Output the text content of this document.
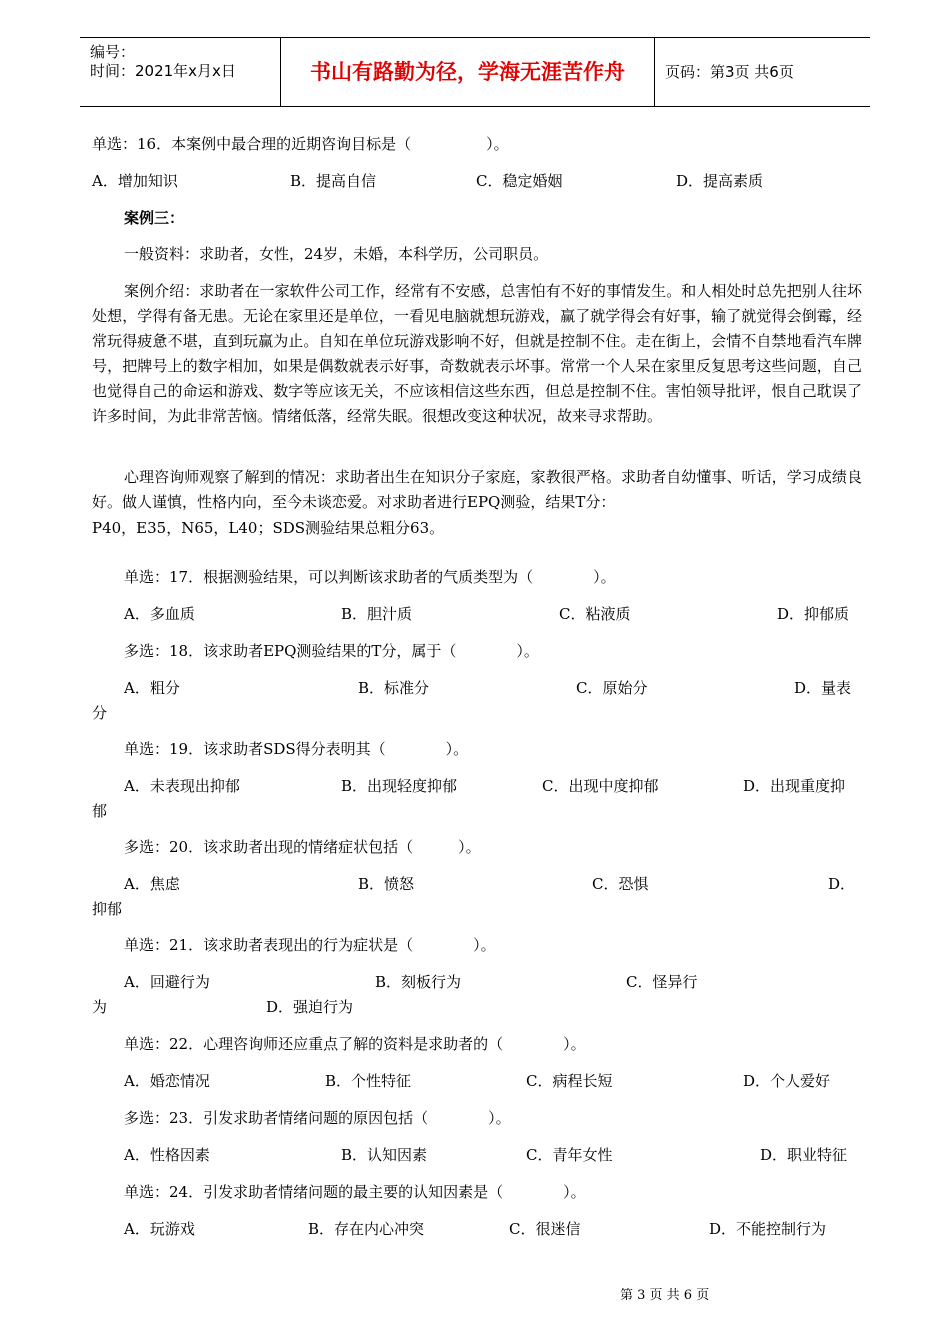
编号：
时间：2021年x月x日	书山有路勤为径，学海无涯苦作舟	页码：第3页 共6页
单选：16．本案例中最合理的近期咨询目标是（　　　　　）。
A．增加知识	B．提高自信	C．稳定婚姻	D．提高素质
案例三：
一般资料：求助者，女性，24岁，未婚，本科学历，公司职员。
案例介绍：求助者在一家软件公司工作，经常有不安感，总害怕有不好的事情发生。和人相处时总先把别人往坏处想，学得有备无患。无论在家里还是单位，一看见电脑就想玩游戏，赢了就学得会有好事，输了就觉得会倒霉，经常玩得疲惫不堪，直到玩赢为止。自知在单位玩游戏影响不好，但就是控制不住。走在街上，会情不自禁地看汽车牌号，把牌号上的数字相加，如果是偶数就表示好事，奇数就表示坏事。常常一个人呆在家里反复思考这些问题，自己也觉得自己的命运和游戏、数字等应该无关，不应该相信这些东西，但总是控制不住。害怕领导批评，恨自己耽误了许多时间，为此非常苦恼。情绪低落，经常失眠。很想改变这种状况，故来寻求帮助。
心理咨询师观察了解到的情况：求助者出生在知识分子家庭，家教很严格。求助者自幼懂事、听话，学习成绩良好。做人谨慎，性格内向，至今未谈恋爱。对求助者进行EPQ测验，结果T分：
P40，E35，N65，L40；SDS测验结果总粗分63。
单选：17．根据测验结果，可以判断该求助者的气质类型为（　　　　）。
A．多血质	B．胆汁质	C．粘液质	D．抑郁质
多选：18．该求助者EPQ测验结果的T分，属于（　　　　）。
A．粗分	B．标准分	C．原始分	D．量表
分
单选：19．该求助者SDS得分表明其（　　　　）。
A．未表现出抑郁	B．出现轻度抑郁	C．出现中度抑郁	D．出现重度抑
郁
多选：20．该求助者出现的情绪症状包括（　　　）。
A．焦虑	B．愤怒	C．恐惧	D．
抑郁
单选：21．该求助者表现出的行为症状是（　　　　）。
A．回避行为	B．刻板行为	C．怪异行
为	D．强迫行为
单选：22．心理咨询师还应重点了解的资料是求助者的（　　　　）。
A．婚恋情况	B．个性特征	C．病程长短	D．个人爱好
多选：23．引发求助者情绪问题的原因包括（　　　　）。
A．性格因素	B．认知因素	C．青年女性	D．职业特征
单选：24．引发求助者情绪问题的最主要的认知因素是（　　　　）。
A．玩游戏	B．存在内心冲突	C．很迷信	D．不能控制行为
第 3 页 共 6 页
